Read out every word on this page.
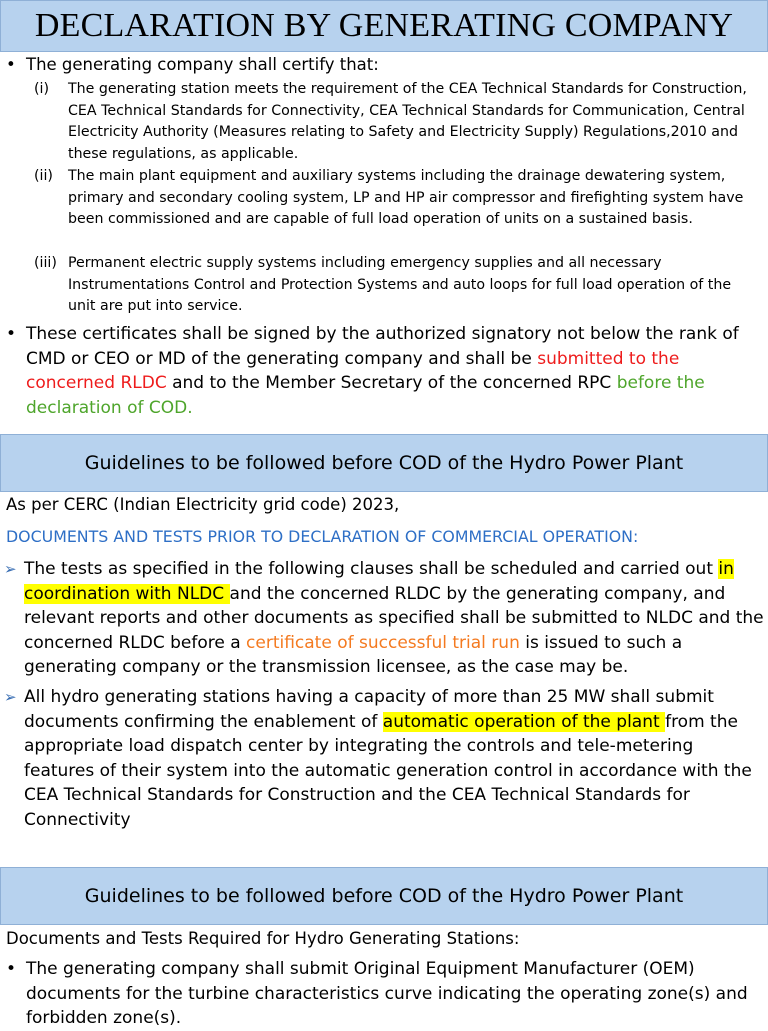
DECLARATION BY GENERATING COMPANY
• The generating company shall certify that:
(i) The generating station meets the requirement of the CEA Technical Standards for Construction, CEA Technical Standards for Connectivity, CEA Technical Standards for Communication, Central Electricity Authority (Measures relating to Safety and Electricity Supply) Regulations,2010 and these regulations, as applicable.
(ii) The main plant equipment and auxiliary systems including the drainage dewatering system, primary and secondary cooling system, LP and HP air compressor and firefighting system have been commissioned and are capable of full load operation of units on a sustained basis.
(iii) Permanent electric supply systems including emergency supplies and all necessary Instrumentations Control and Protection Systems and auto loops for full load operation of the unit are put into service.
• These certificates shall be signed by the authorized signatory not below the rank of CMD or CEO or MD of the generating company and shall be submitted to the concerned RLDC and to the Member Secretary of the concerned RPC before the declaration of COD.
Guidelines to be followed before COD of the Hydro Power Plant
As per CERC (Indian Electricity grid code) 2023,
DOCUMENTS AND TESTS PRIOR TO DECLARATION OF COMMERCIAL OPERATION:
➢ The tests as specified in the following clauses shall be scheduled and carried out in coordination with NLDC and the concerned RLDC by the generating company, and relevant reports and other documents as specified shall be submitted to NLDC and the concerned RLDC before a certificate of successful trial run is issued to such a generating company or the transmission licensee, as the case may be.
➢ All hydro generating stations having a capacity of more than 25 MW shall submit documents confirming the enablement of automatic operation of the plant from the appropriate load dispatch center by integrating the controls and tele-metering features of their system into the automatic generation control in accordance with the CEA Technical Standards for Construction and the CEA Technical Standards for Connectivity
Guidelines to be followed before COD of the Hydro Power Plant
Documents and Tests Required for Hydro Generating Stations:
• The generating company shall submit Original Equipment Manufacturer (OEM) documents for the turbine characteristics curve indicating the operating zone(s) and forbidden zone(s).
